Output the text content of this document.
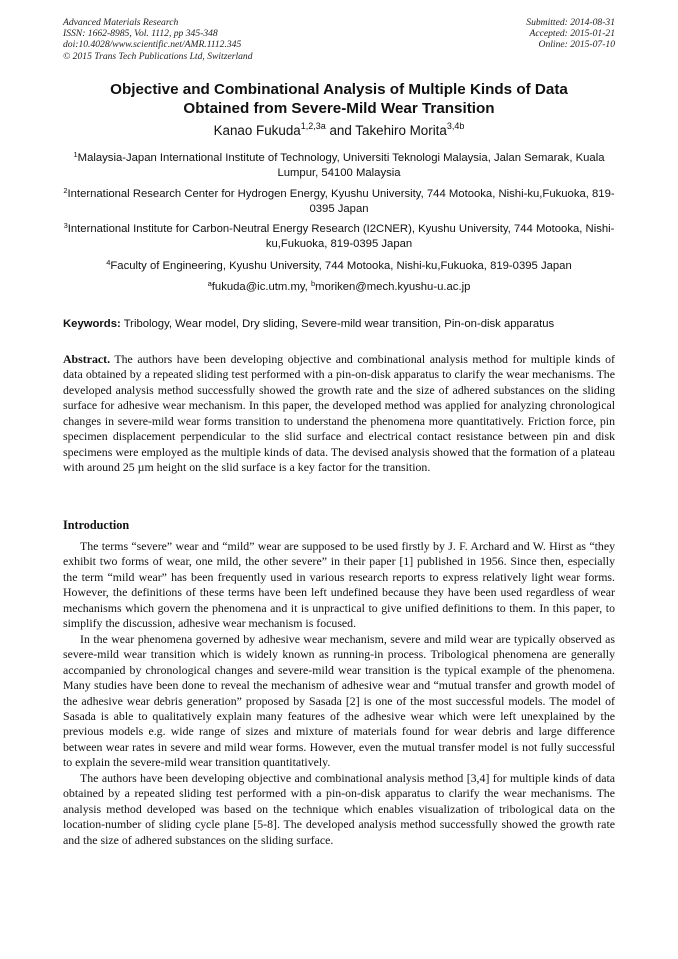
Advanced Materials Research
ISSN: 1662-8985, Vol. 1112, pp 345-348
doi:10.4028/www.scientific.net/AMR.1112.345
© 2015 Trans Tech Publications Ltd, Switzerland
Submitted: 2014-08-31
Accepted: 2015-01-21
Online: 2015-07-10
Objective and Combinational Analysis of Multiple Kinds of Data
Obtained from Severe-Mild Wear Transition
Kanao Fukuda$^{1,2,3a}$ and Takehiro Morita$^{3,4b}$
$^1$Malaysia-Japan International Institute of Technology, Universiti Teknologi Malaysia, Jalan Semarak, Kuala Lumpur, 54100 Malaysia
$^2$International Research Center for Hydrogen Energy, Kyushu University, 744 Motooka, Nishi-ku,Fukuoka, 819-0395 Japan
$^3$International Institute for Carbon-Neutral Energy Research (I2CNER), Kyushu University, 744 Motooka, Nishi-ku,Fukuoka, 819-0395 Japan
$^4$Faculty of Engineering, Kyushu University, 744 Motooka, Nishi-ku,Fukuoka, 819-0395 Japan
$^a$fukuda@ic.utm.my, $^b$moriken@mech.kyushu-u.ac.jp
Keywords: Tribology, Wear model, Dry sliding, Severe-mild wear transition, Pin-on-disk apparatus
Abstract. The authors have been developing objective and combinational analysis method for multiple kinds of data obtained by a repeated sliding test performed with a pin-on-disk apparatus to clarify the wear mechanisms. The developed analysis method successfully showed the growth rate and the size of adhered substances on the sliding surface for adhesive wear mechanism. In this paper, the developed method was applied for analyzing chronological changes in severe-mild wear forms transition to understand the phenomena more quantitatively. Friction force, pin specimen displacement perpendicular to the slid surface and electrical contact resistance between pin and disk specimens were employed as the multiple kinds of data. The devised analysis showed that the formation of a plateau with around 25 µm height on the slid surface is a key factor for the transition.
Introduction

The terms “severe” wear and “mild” wear are supposed to be used firstly by J. F. Archard and W. Hirst as “they exhibit two forms of wear, one mild, the other severe” in their paper [1] published in 1956. Since then, especially the term “mild wear” has been frequently used in various research reports to express relatively light wear forms. However, the definitions of these terms have been left undefined because they have been used regardless of wear mechanisms which govern the phenomena and it is unpractical to give unified definitions to them. In this paper, to simplify the discussion, adhesive wear mechanism is focused.

In the wear phenomena governed by adhesive wear mechanism, severe and mild wear are typically observed as severe-mild wear transition which is widely known as running-in process. Tribological phenomena are generally accompanied by chronological changes and severe-mild wear transition is the typical example of the phenomena. Many studies have been done to reveal the mechanism of adhesive wear and “mutual transfer and growth model of the adhesive wear debris generation” proposed by Sasada [2] is one of the most successful models. The model of Sasada is able to qualitatively explain many features of the adhesive wear which were left unexplained by the previous models e.g. wide range of sizes and mixture of materials found for wear debris and large difference between wear rates in severe and mild wear forms. However, even the mutual transfer model is not fully successful to explain the severe-mild wear transition quantitatively.

The authors have been developing objective and combinational analysis method [3,4] for multiple kinds of data obtained by a repeated sliding test performed with a pin-on-disk apparatus to clarify the wear mechanisms. The analysis method developed was based on the technique which enables visualization of tribological data on the location-number of sliding cycle plane [5-8]. The developed analysis method successfully showed the growth rate and the size of adhered substances on the sliding surface.
